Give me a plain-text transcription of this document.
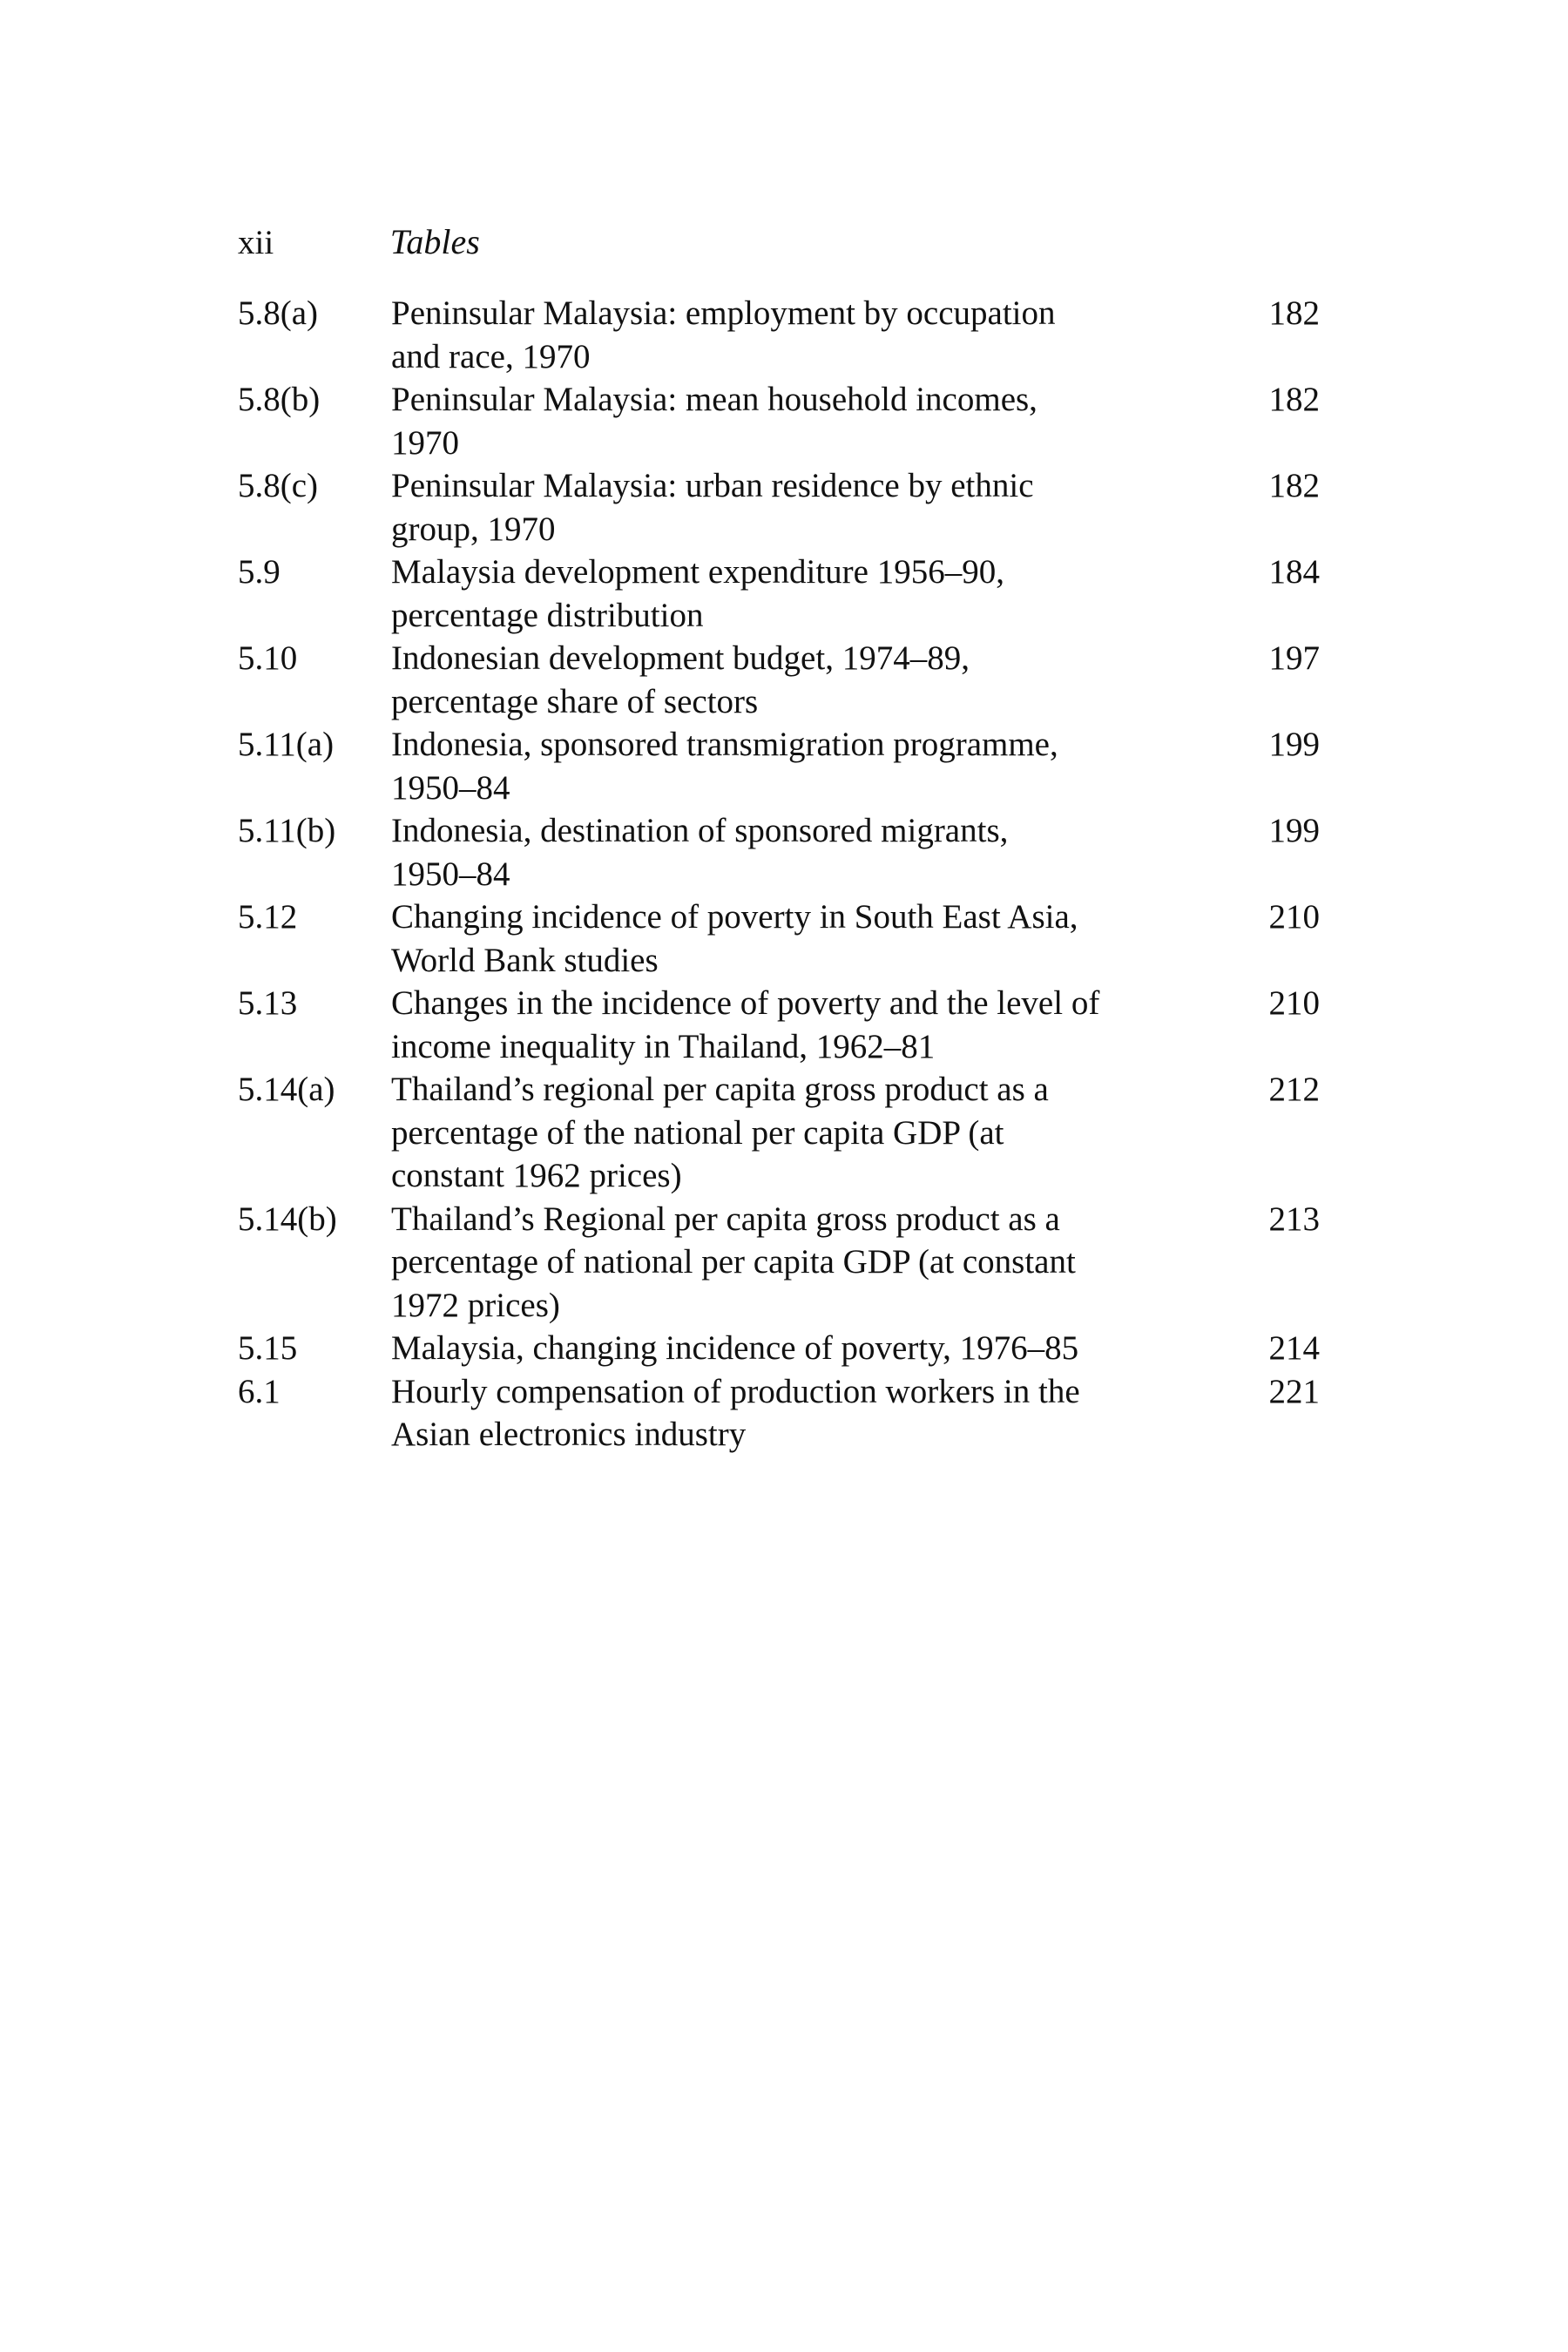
xii	Tables
5.8(a)	Peninsular Malaysia: employment by occupation
and race, 1970
182
5.8(b)	Peninsular Malaysia: mean household incomes,
1970
182
5.8(c)	Peninsular Malaysia: urban residence by ethnic
group, 1970
182
5.9	Malaysia development expenditure 1956–90,
percentage distribution
184
5.10	Indonesian development budget, 1974–89,
percentage share of sectors
197
5.11(a)	Indonesia, sponsored transmigration programme,
1950–84
199
5.11(b)	Indonesia, destination of sponsored migrants,
1950–84
199
5.12	Changing incidence of poverty in South East Asia,
World Bank studies
210
5.13	Changes in the incidence of poverty and the level of
income inequality in Thailand, 1962–81
210
5.14(a)	Thailand’s regional per capita gross product as a
percentage of the national per capita GDP (at
constant 1962 prices)
212
5.14(b)	Thailand’s Regional per capita gross product as a
percentage of national per capita GDP (at constant
1972 prices)
213
5.15	Malaysia, changing incidence of poverty, 1976–85	214
6.1	Hourly compensation of production workers in the
Asian electronics industry
221
